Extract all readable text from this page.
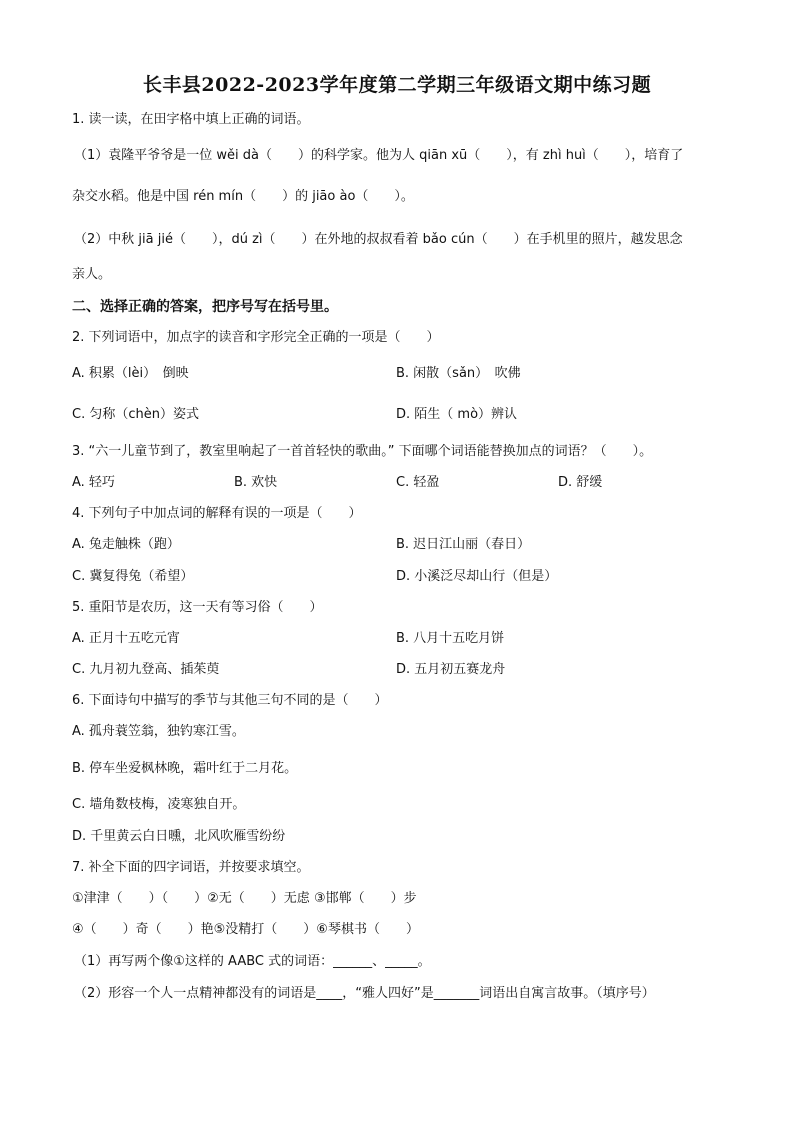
长丰县2022-2023学年度第二学期三年级语文期中练习题
1. 读一读，在田字格中填上正确的词语。
（1）袁隆平爷爷是一位 wěi dà（　　）的科学家。他为人 qiān xū（　　），有 zhì huì（　　），培育了
杂交水稻。他是中国 rén mín（　　）的 jiāo ào（　　）。
（2）中秋 jiā jié（　　），dú zì（　　）在外地的叔叔看着 bǎo cún（　　）在手机里的照片，越发思念
亲人。
二、选择正确的答案，把序号写在括号里。
2. 下列词语中，加点字的读音和字形完全正确的一项是（　　）
A. 积累（lèi）　倒映	B. 闲散（sǎn）　吹佛
C. 匀称（chèn）姿式	D. 陌生（ mò）辨认
3. “六一儿童节到了，教室里响起了一首首轻快的歌曲。” 下面哪个词语能替换加点的词语？（　　）。
A. 轻巧	B. 欢快	C. 轻盈	D. 舒缓
4. 下列句子中加点词的解释有误的一项是（　　）
A. 兔走触株（跑）	B. 迟日江山丽（春日）
C. 冀复得兔（希望）	D. 小溪泛尽却山行（但是）
5. 重阳节是农历，这一天有等习俗（　　）
A. 正月十五吃元宵	B. 八月十五吃月饼
C. 九月初九登高、插茱萸	D. 五月初五赛龙舟
6. 下面诗句中描写的季节与其他三句不同的是（　　）
A. 孤舟蓑笠翁，独钓寒江雪。
B. 停车坐爱枫林晚，霜叶红于二月花。
C. 墙角数枝梅，凌寒独自开。
D. 千里黄云白日曛，北风吹雁雪纷纷
7. 补全下面的四字词语，并按要求填空。
①津津（　　）（　　）②无（　　）无虑 ③邯郸（　　）步
④（　　）奇（　　）艳⑤没精打（　　）⑥琴棋书（　　）
（1）再写两个像①这样的 AABC 式的词语：______、_____。
（2）形容一个人一点精神都没有的词语是____，“雅人四好”是_______词语出自寓言故事。（填序号）
